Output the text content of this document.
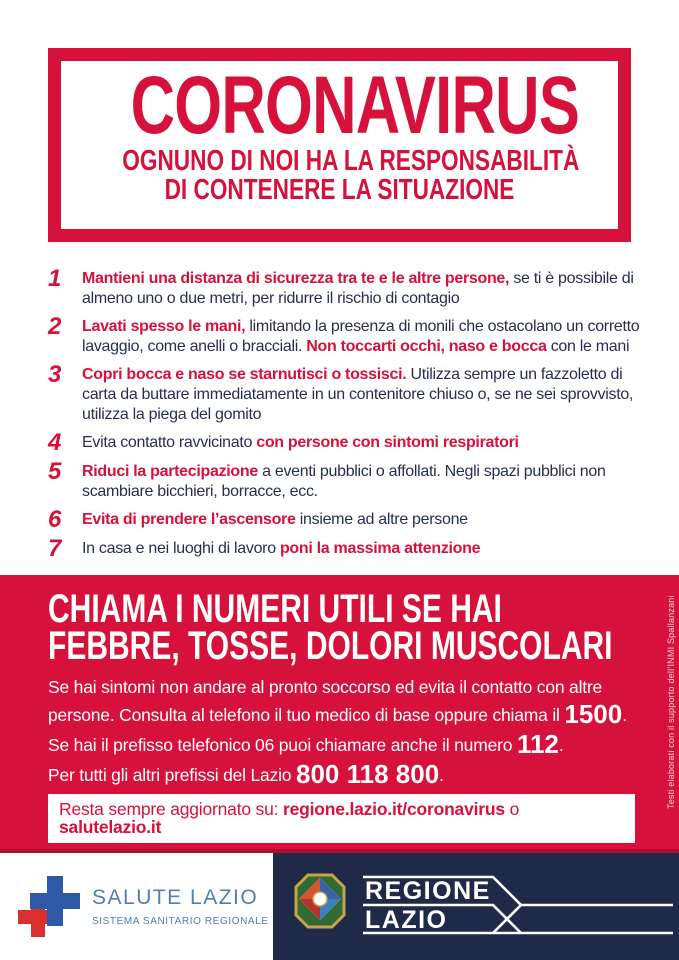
CORONAVIRUS
OGNUNO DI NOI HA LA RESPONSABILITÀ
DI CONTENERE LA SITUAZIONE
1	Mantieni una distanza di sicurezza tra te e le altre persone, se ti è possibile di almeno uno o due metri, per ridurre il rischio di contagio
2	Lavati spesso le mani, limitando la presenza di monili che ostacolano un corretto lavaggio, come anelli o bracciali. Non toccarti occhi, naso e bocca con le mani
3	Copri bocca e naso se starnutisci o tossisci. Utilizza sempre un fazzoletto di carta da buttare immediatamente in un contenitore chiuso o, se ne sei sprovvisto, utilizza la piega del gomito
4	Evita contatto ravvicinato con persone con sintomi respiratori
5	Riduci la partecipazione a eventi pubblici o affollati. Negli spazi pubblici non scambiare bicchieri, borracce, ecc.
6	Evita di prendere l’ascensore insieme ad altre persone
7	In casa e nei luoghi di lavoro poni la massima attenzione
CHIAMA I NUMERI UTILI SE HAI
FEBBRE, TOSSE, DOLORI MUSCOLARI
Se hai sintomi non andare al pronto soccorso ed evita il contatto con altre persone. Consulta al telefono il tuo medico di base oppure chiama il 1500.
Se hai il prefisso telefonico 06 puoi chiamare anche il numero 112.
Per tutti gli altri prefissi del Lazio 800 118 800.
Resta sempre aggiornato su: regione.lazio.it/coronavirus o salutelazio.it
Testi elaborati con il supporto dell’INMI Spallanzani
SALUTE LAZIO
SISTEMA SANITARIO REGIONALE
REGIONE
LAZIO
